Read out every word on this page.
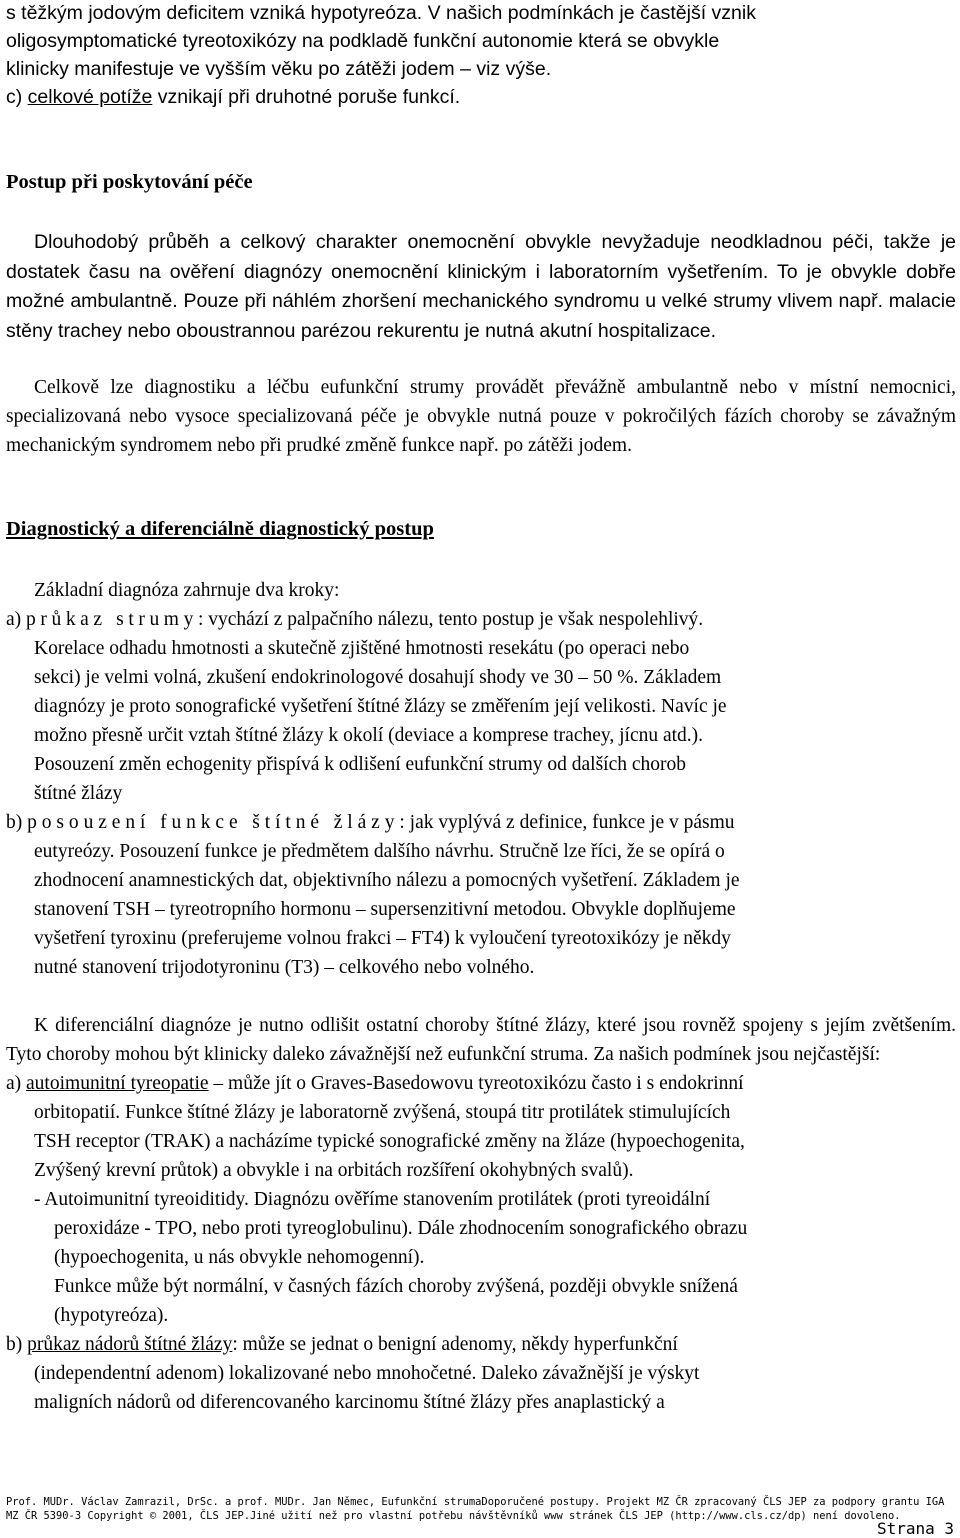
s těžkým jodovým deficitem vzniká hypotyreóza. V našich podmínkách je častější vznik

oligosymptomatické tyreotoxikózy na podkladě funkční autonomie která se obvykle

klinicky manifestuje ve vyšším věku po zátěži jodem – viz výše.

c) celkové potíže vznikají při druhotné poruše funkcí.

Postup při poskytování péče

Dlouhodobý průběh a celkový charakter onemocnění obvykle nevyžaduje neodkladnou péči, takže je dostatek času na ověření diagnózy onemocnění klinickým i laboratorním vyšetřením. To je obvykle dobře možné ambulantně. Pouze při náhlém zhoršení mechanického syndromu u velké strumy vlivem např. malacie stěny trachey nebo oboustrannou parézou rekurentu je nutná akutní hospitalizace.

Celkově lze diagnostiku a léčbu eufunkční strumy provádět převážně ambulantně nebo v místní nemocnici, specializovaná nebo vysoce specializovaná péče je obvykle nutná pouze v pokročilých fázích choroby se závažným mechanickým syndromem nebo při prudké změně funkce např. po zátěži jodem.

Diagnostický a diferenciálně diagnostický postup

Základní diagnóza zahrnuje dva kroky:

a) průkaz strumy: vychází z palpačního nálezu, tento postup je však nespolehlivý.

Korelace odhadu hmotnosti a skutečně zjištěné hmotnosti resekátu (po operaci nebo

sekci) je velmi volná, zkušení endokrinologové dosahují shody ve 30 – 50 %. Základem

diagnózy je proto sonografické vyšetření štítné žlázy se změřením její velikosti. Navíc je

možno přesně určit vztah štítné žlázy k okolí (deviace a komprese trachey, jícnu atd.).

Posouzení změn echogenity přispívá k odlišení eufunkční strumy od dalších chorob

štítné žlázy

b) posouzení funkce štítné žlázy: jak vyplývá z definice, funkce je v pásmu

eutyreózy. Posouzení funkce je předmětem dalšího návrhu. Stručně lze říci, že se opírá o

zhodnocení anamnestických dat, objektivního nálezu a pomocných vyšetření. Základem je

stanovení TSH – tyreotropního hormonu – supersenzitivní metodou. Obvykle doplňujeme

vyšetření tyroxinu (preferujeme volnou frakci – FT4) k vyloučení tyreotoxikózy je někdy

nutné stanovení trijodotyroninu (T3) – celkového nebo volného.

K diferenciální diagnóze je nutno odlišit ostatní choroby štítné žlázy, které jsou rovněž spojeny s jejím zvětšením. Tyto choroby mohou být klinicky daleko závažnější než eufunkční struma. Za našich podmínek jsou nejčastější:

a) autoimunitní tyreopatie – může jít o Graves-Basedowovu tyreotoxikózu často i s endokrinní

orbitopatií. Funkce štítné žlázy je laboratorně zvýšená, stoupá titr protilátek stimulujících

TSH receptor (TRAK) a nacházíme typické sonografické změny na žláze (hypoechogenita,

Zvýšený krevní průtok) a obvykle i na orbitách rozšíření okohybných svalů).

- Autoimunitní tyreoiditidy. Diagnózu ověříme stanovením protilátek (proti tyreoidální

peroxidáze - TPO, nebo proti tyreoglobulinu). Dále zhodnocením sonografického obrazu

(hypoechogenita, u nás obvykle nehomogenní).

Funkce může být normální, v časných fázích choroby zvýšená, později obvykle snížená

(hypotyreóza).

b) průkaz nádorů štítné žlázy: může se jednat o benigní adenomy, někdy hyperfunkční

(independentní adenom) lokalizované nebo mnohočetné. Daleko závažnější je výskyt

maligních nádorů od diferencovaného karcinomu štítné žlázy přes anaplastický a

Prof. MUDr. Václav Zamrazil, DrSc. a prof. MUDr. Jan Němec, Eufunkční strumaDoporučené postupy. Projekt MZ ČR zpracovaný ČLS JEP za podpory grantu IGA
MZ ČR 5390-3 Copyright © 2001, ČLS JEP.Jiné užití než pro vlastní potřebu návštěvníků www stránek ČLS JEP (http://www.cls.cz/dp) není dovoleno.
Strana 3
